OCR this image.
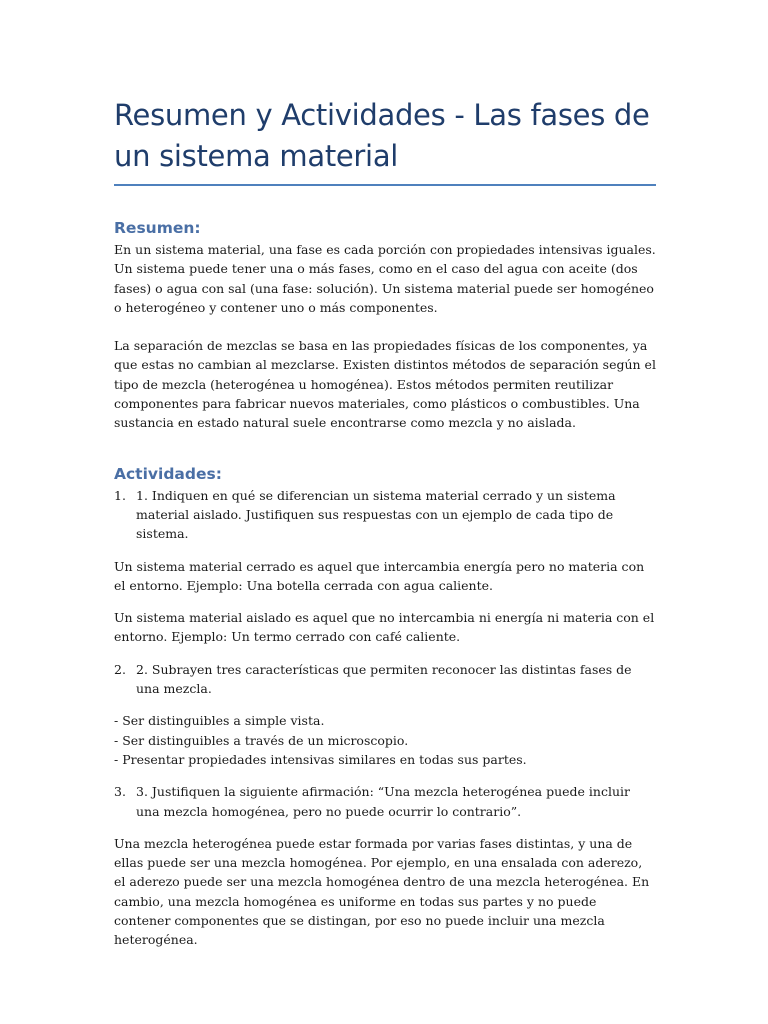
Resumen y Actividades - Las fases de un sistema material
Resumen:

En un sistema material, una fase es cada porción con propiedades intensivas iguales. Un sistema puede tener una o más fases, como en el caso del agua con aceite (dos fases) o agua con sal (una fase: solución). Un sistema material puede ser homogéneo o heterogéneo y contener uno o más componentes.

La separación de mezclas se basa en las propiedades físicas de los componentes, ya que estas no cambian al mezclarse. Existen distintos métodos de separación según el tipo de mezcla (heterogénea u homogénea). Estos métodos permiten reutilizar componentes para fabricar nuevos materiales, como plásticos o combustibles. Una sustancia en estado natural suele encontrarse como mezcla y no aislada.

Actividades:
1. 1. Indiquen en qué se diferencian un sistema material cerrado y un sistema material aislado. Justifiquen sus respuestas con un ejemplo de cada tipo de sistema.

Un sistema material cerrado es aquel que intercambia energía pero no materia con el entorno. Ejemplo: Una botella cerrada con agua caliente.

Un sistema material aislado es aquel que no intercambia ni energía ni materia con el entorno. Ejemplo: Un termo cerrado con café caliente.

2. 2. Subrayen tres características que permiten reconocer las distintas fases de una mezcla.

- Ser distinguibles a simple vista.

- Ser distinguibles a través de un microscopio.

- Presentar propiedades intensivas similares en todas sus partes.

3. 3. Justifiquen la siguiente afirmación: “Una mezcla heterogénea puede incluir una mezcla homogénea, pero no puede ocurrir lo contrario”.

Una mezcla heterogénea puede estar formada por varias fases distintas, y una de ellas puede ser una mezcla homogénea. Por ejemplo, en una ensalada con aderezo, el aderezo puede ser una mezcla homogénea dentro de una mezcla heterogénea. En cambio, una mezcla homogénea es uniforme en todas sus partes y no puede contener componentes que se distingan, por eso no puede incluir una mezcla heterogénea.
